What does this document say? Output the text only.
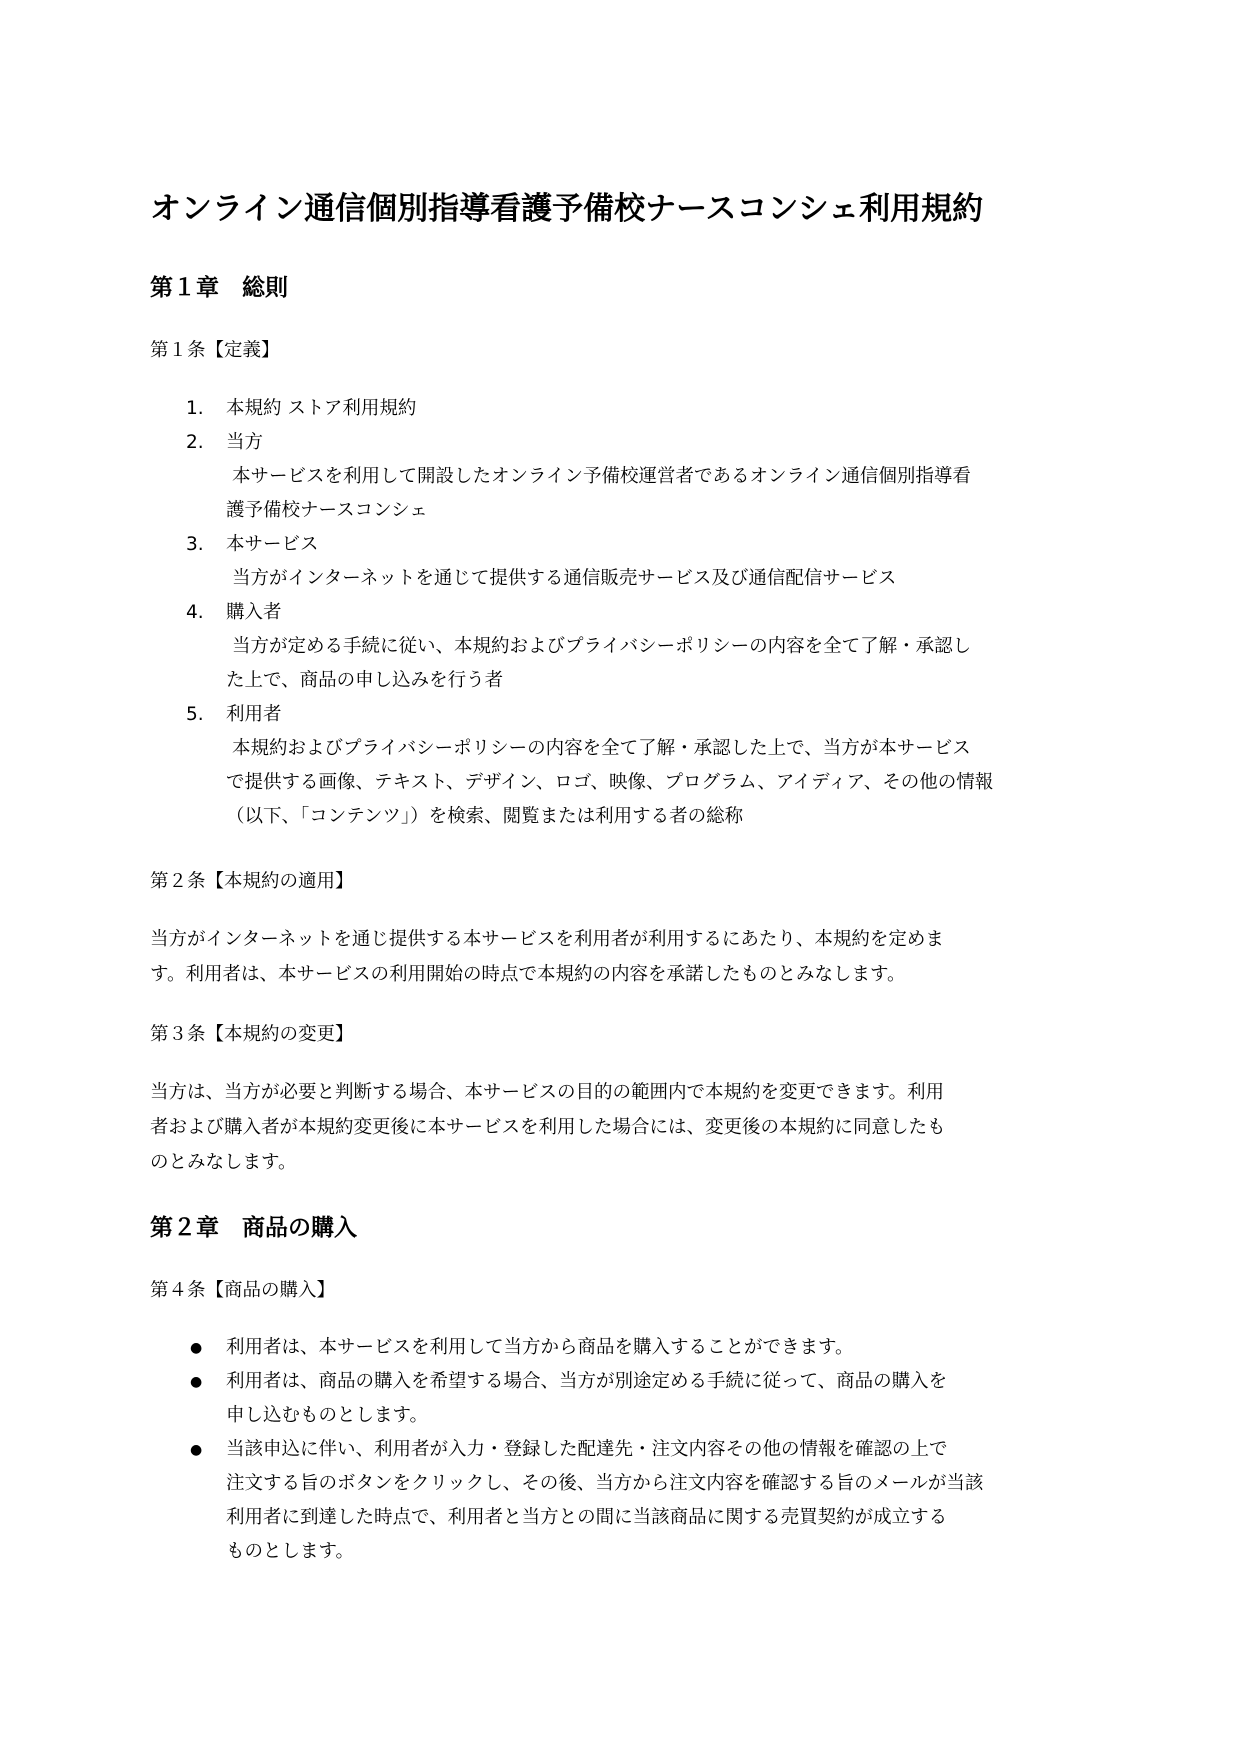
オンライン通信個別指導看護予備校ナースコンシェ利用規約
第１章　総則
第１条【定義】
1. 本規約 ストア利用規約
2. 当方
本サービスを利用して開設したオンライン予備校運営者であるオンライン通信個別指導看
護予備校ナースコンシェ
3. 本サービス
当方がインターネットを通じて提供する通信販売サービス及び通信配信サービス
4. 購入者
当方が定める手続に従い、本規約およびプライバシーポリシーの内容を全て了解・承認し
た上で、商品の申し込みを行う者
5. 利用者
本規約およびプライバシーポリシーの内容を全て了解・承認した上で、当方が本サービス
で提供する画像、テキスト、デザイン、ロゴ、映像、プログラム、アイディア、その他の情報
（以下、「コンテンツ」）を検索、閲覧または利用する者の総称
第２条【本規約の適用】
当方がインターネットを通じ提供する本サービスを利用者が利用するにあたり、本規約を定めま
す。利用者は、本サービスの利用開始の時点で本規約の内容を承諾したものとみなします。
第３条【本規約の変更】
当方は、当方が必要と判断する場合、本サービスの目的の範囲内で本規約を変更できます。利用
者および購入者が本規約変更後に本サービスを利用した場合には、変更後の本規約に同意したも
のとみなします。
第２章　商品の購入
第４条【商品の購入】
● 利用者は、本サービスを利用して当方から商品を購入することができます。
● 利用者は、商品の購入を希望する場合、当方が別途定める手続に従って、商品の購入を
申し込むものとします。
● 当該申込に伴い、利用者が入力・登録した配達先・注文内容その他の情報を確認の上で
注文する旨のボタンをクリックし、その後、当方から注文内容を確認する旨のメールが当該
利用者に到達した時点で、利用者と当方との間に当該商品に関する売買契約が成立する
ものとします。
